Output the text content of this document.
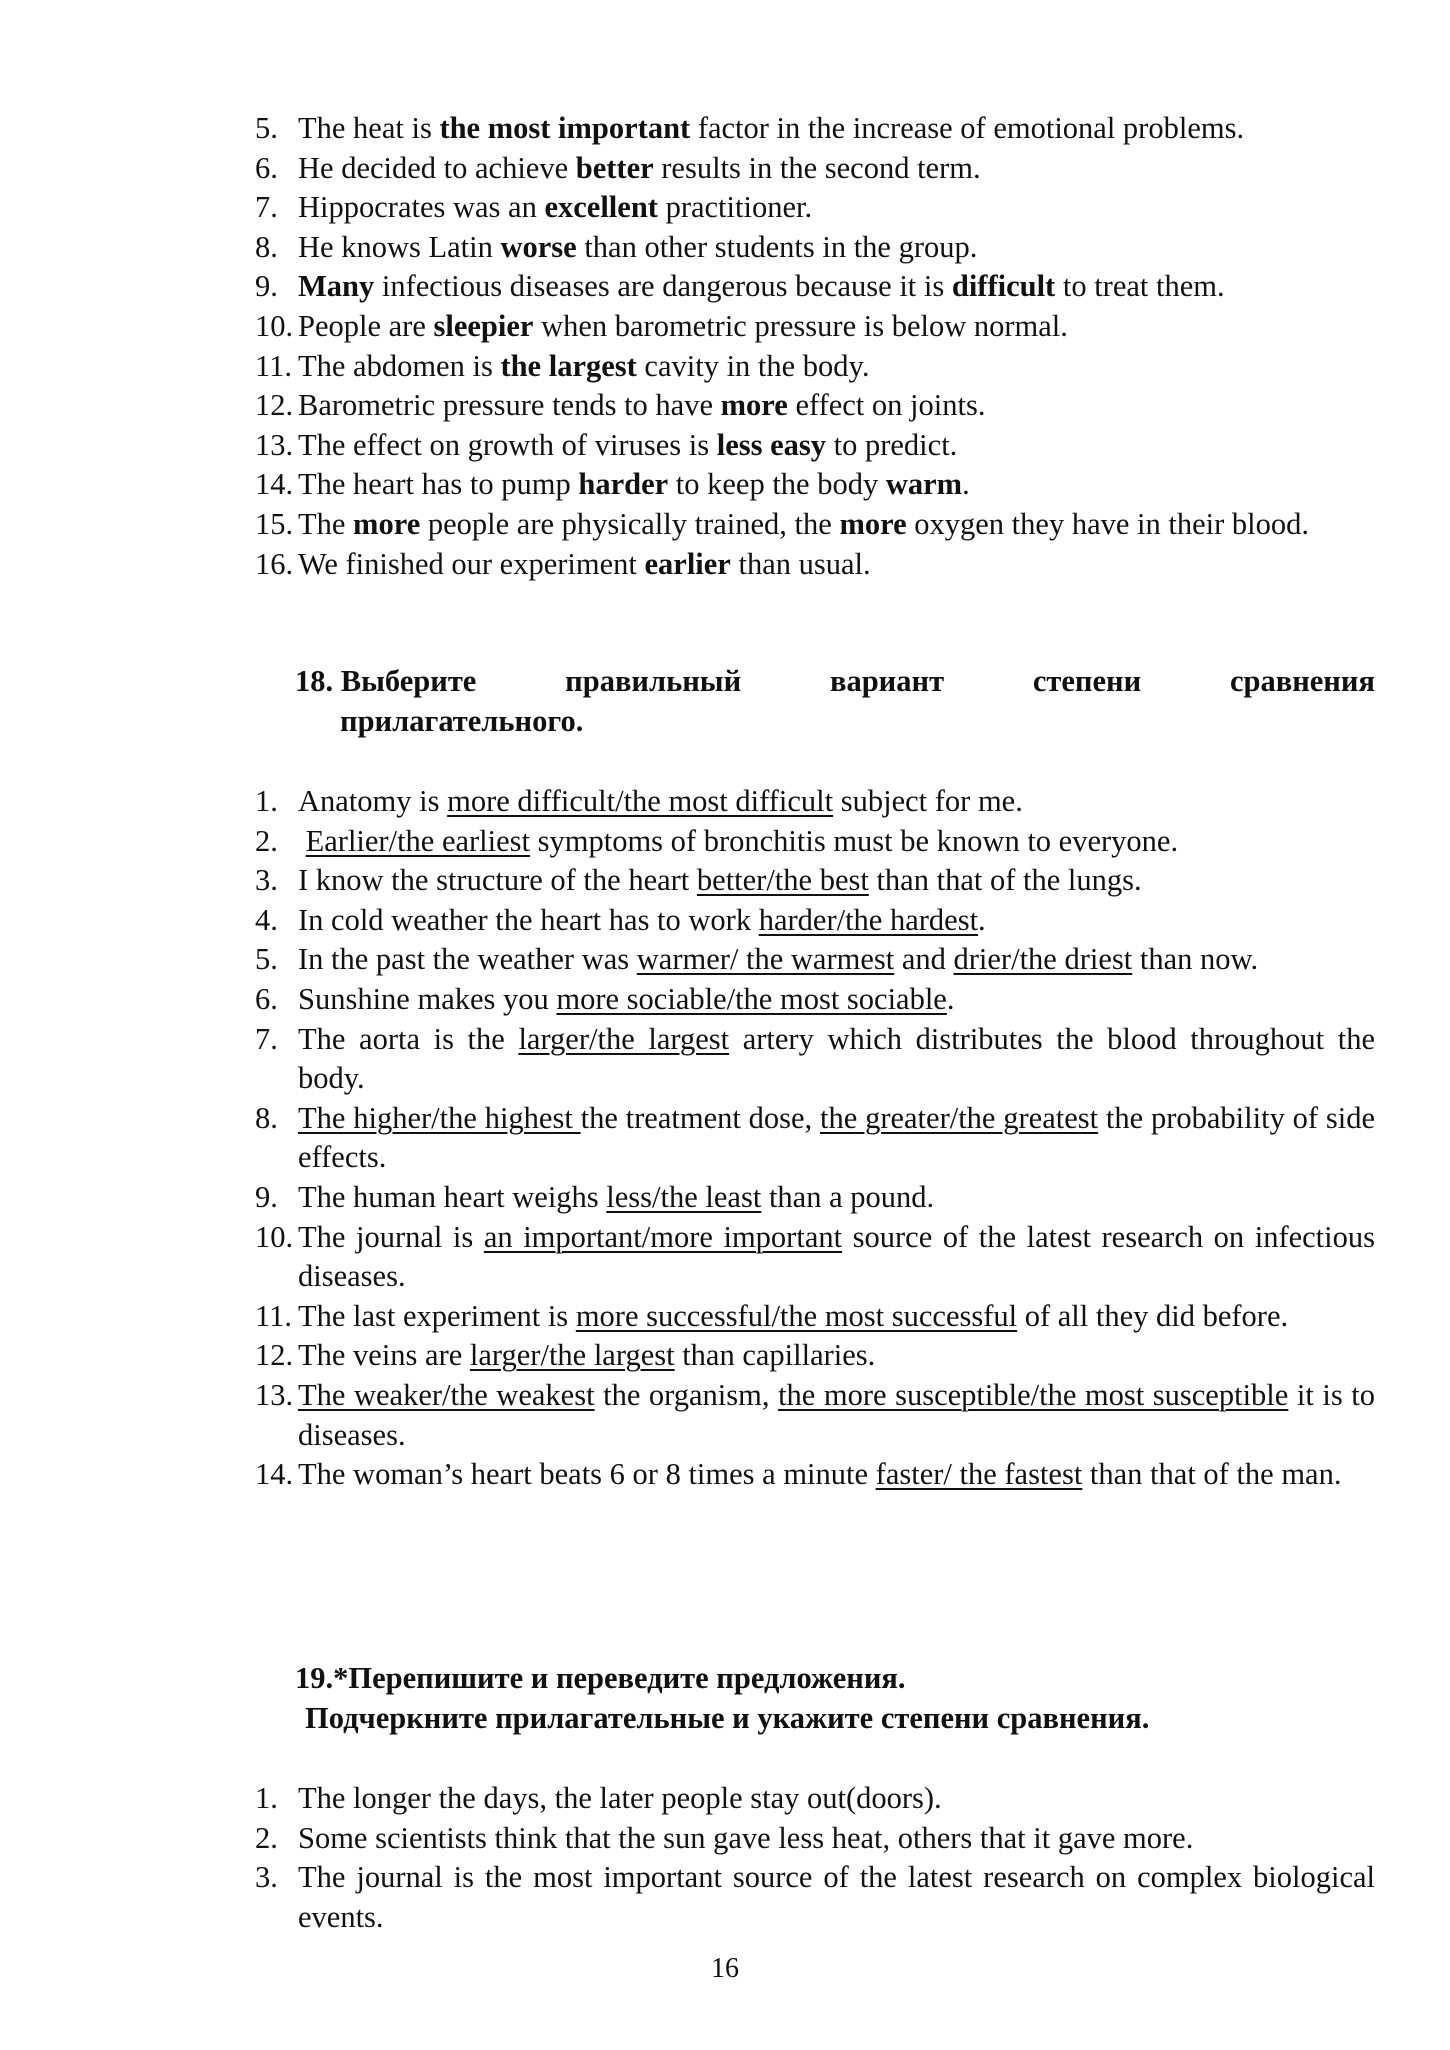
5. The heat is the most important factor in the increase of emotional problems.
6. He decided to achieve better results in the second term.
7. Hippocrates was an excellent practitioner.
8. He knows Latin worse than other students in the group.
9. Many infectious diseases are dangerous because it is difficult to treat them.
10. People are sleepier when barometric pressure is below normal.
11. The abdomen is the largest cavity in the body.
12. Barometric pressure tends to have more effect on joints.
13. The effect on growth of viruses is less easy to predict.
14. The heart has to pump harder to keep the body warm.
15. The more people are physically trained, the more oxygen they have in their blood.
16. We finished our experiment earlier than usual.
18. Выберите	правильный	вариант	степени	сравнения
прилагательного.
1. Anatomy is more difficult/the most difficult subject for me.
2. Earlier/the earliest symptoms of bronchitis must be known to everyone.
3. I know the structure of the heart better/the best than that of the lungs.
4. In cold weather the heart has to work harder/the hardest.
5. In the past the weather was warmer/ the warmest and drier/the driest than now.
6. Sunshine makes you more sociable/the most sociable.
7. The aorta is the larger/the largest artery which distributes the blood throughout the body.
8. The higher/the highest the treatment dose, the greater/the greatest the probability of side effects.
9. The human heart weighs less/the least than a pound.
10. The journal is an important/more important source of the latest research on infectious diseases.
11. The last experiment is more successful/the most successful of all they did before.
12. The veins are larger/the largest than capillaries.
13. The weaker/the weakest the organism, the more susceptible/the most susceptible it is to diseases.
14. The woman’s heart beats 6 or 8 times a minute faster/ the fastest than that of the man.
19.*Перепишите и переведите предложения.
Подчеркните прилагательные и укажите степени сравнения.
1. The longer the days, the later people stay out(doors).
2. Some scientists think that the sun gave less heat, others that it gave more.
3. The journal is the most important source of the latest research on complex biological events.
16
